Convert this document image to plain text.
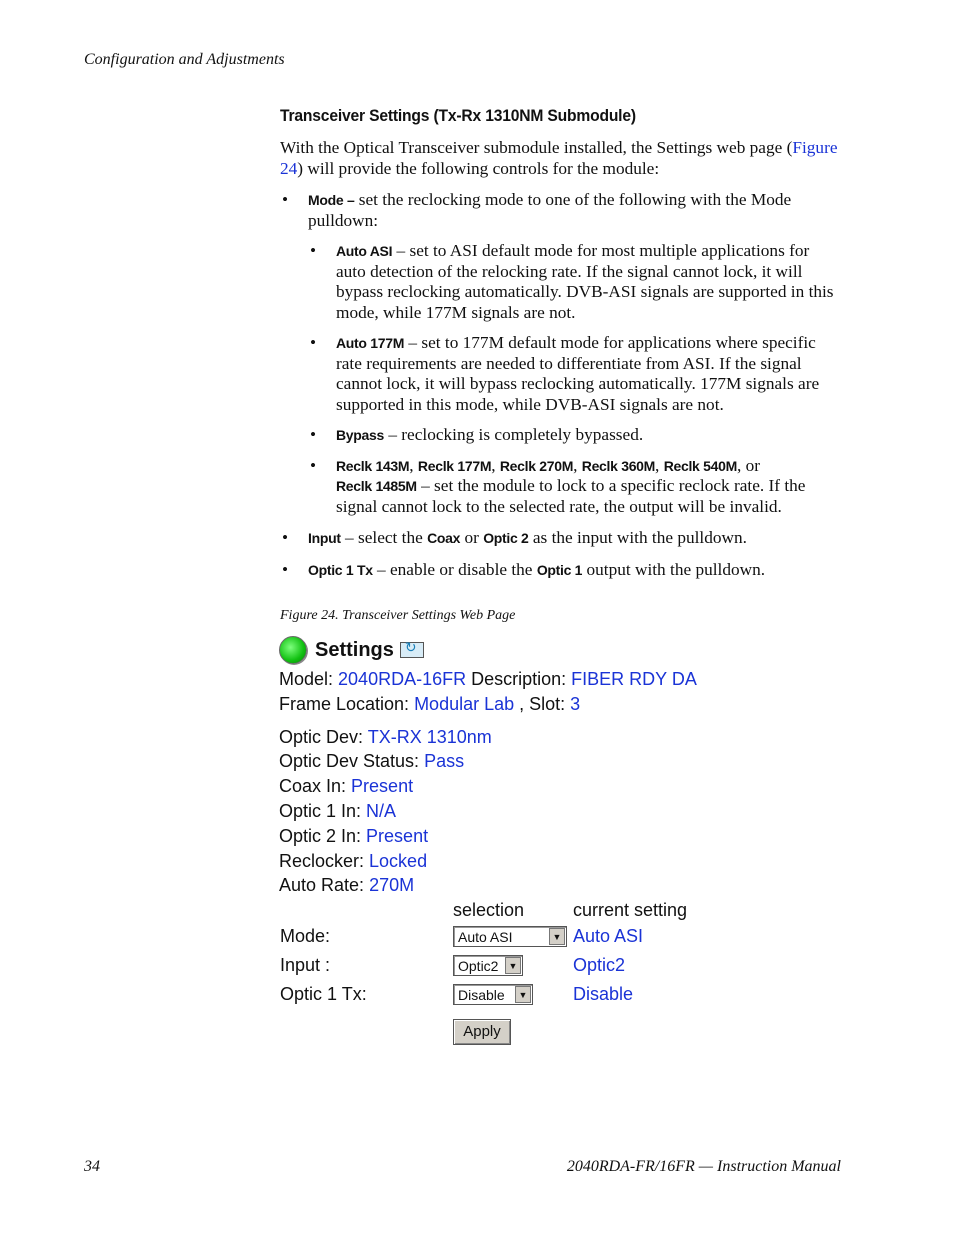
Configuration and Adjustments
Transceiver Settings (Tx-Rx 1310NM Submodule)

With the Optical Transceiver submodule installed, the Settings web page (Figure 24) will provide the following controls for the module:

• Mode – set the reclocking mode to one of the following with the Mode pulldown:
• Auto ASI – set to ASI default mode for most multiple applications for auto detection of the relocking rate. If the signal cannot lock, it will bypass reclocking automatically. DVB-ASI signals are supported in this mode, while 177M signals are not.
• Auto 177M – set to 177M default mode for applications where specific rate requirements are needed to differentiate from ASI. If the signal cannot lock, it will bypass reclocking automatically. 177M signals are supported in this mode, while DVB-ASI signals are not.
• Bypass – reclocking is completely bypassed.
• Reclk 143M, Reclk 177M, Reclk 270M, Reclk 360M, Reclk 540M, or
Reclk 1485M – set the module to lock to a specific reclock rate. If the signal cannot lock to the selected rate, the output will be invalid.
• Input – select the Coax or Optic 2 as the input with the pulldown.
• Optic 1 Tx – enable or disable the Optic 1 output with the pulldown.
Figure 24. Transceiver Settings Web Page
Settings
↻
Model: 2040RDA-16FR Description: FIBER RDY DA
Frame Location: Modular Lab , Slot: 3
Optic Dev: TX-RX 1310nm
Optic Dev Status: Pass
Coax In: Present
Optic 1 In: N/A
Optic 2 In: Present
Reclocker: Locked
Auto Rate: 270M
selection	current setting
Mode:	Auto ASI	▼ Auto ASI
Input :	Optic2	▼	Optic2
Optic 1 Tx:	Disable	▼	Disable
Apply
34	2040RDA-FR/16FR — Instruction Manual
